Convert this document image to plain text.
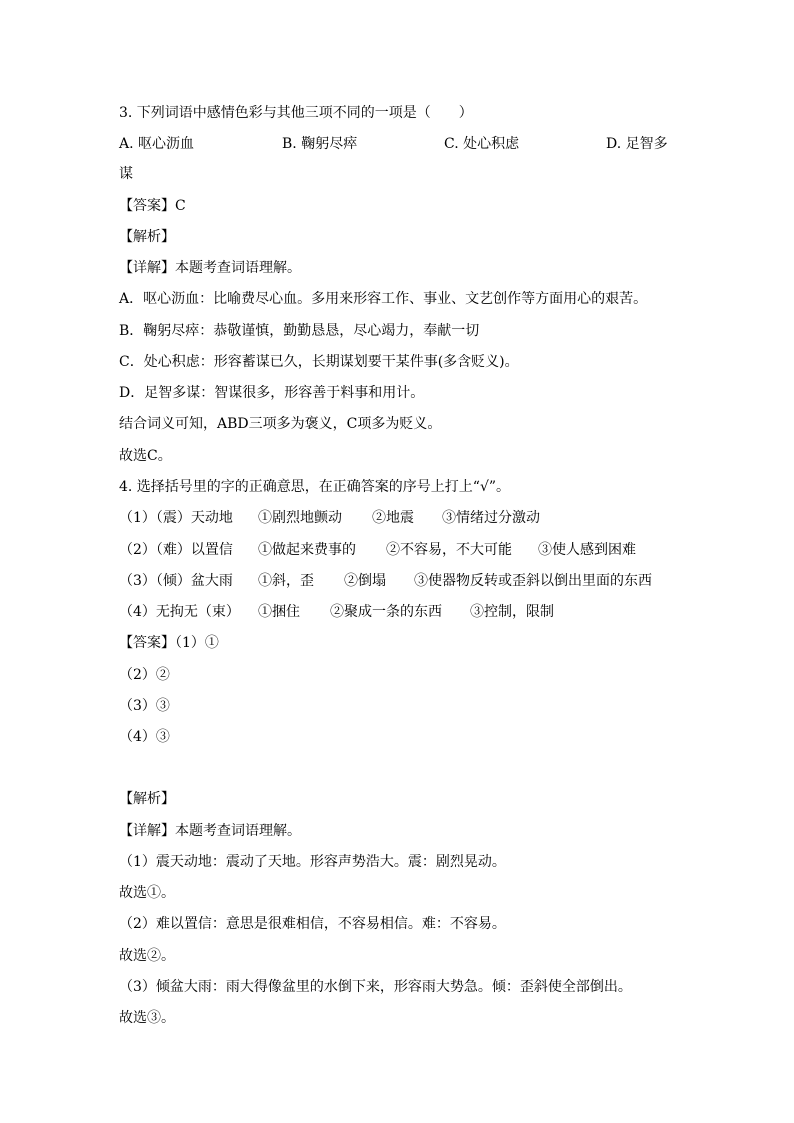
3. 下列词语中感情色彩与其他三项不同的一项是（　　）
A. 呕心沥血	B. 鞠躬尽瘁	C. 处心积虑	D. 足智多
谋
【答案】C
【解析】
【详解】本题考查词语理解。
A．呕心沥血：比喻费尽心血。多用来形容工作、事业、文艺创作等方面用心的艰苦。
B．鞠躬尽瘁：恭敬谨慎，勤勤恳恳，尽心竭力，奉献一切
C．处心积虑：形容蓄谋已久，长期谋划要干某件事(多含贬义)。
D．足智多谋：智谋很多，形容善于料事和用计。
结合词义可知，ABD三项多为褒义，C项多为贬义。
故选C。
4. 选择括号里的字的正确意思，在正确答案的序号上打上“√”。
（1）（震）天动地 ①剧烈地颤动 ②地震 ③情绪过分激动
（2）（难）以置信 ①做起来费事的 ②不容易，不大可能 ③使人感到困难
（3）（倾）盆大雨 ①斜，歪 ②倒塌 ③使器物反转或歪斜以倒出里面的东西
（4）无拘无（束） ①捆住 ②聚成一条的东西 ③控制，限制
【答案】（1）①
（2）②
（3）③
（4）③
【解析】
【详解】本题考查词语理解。
（1）震天动地：震动了天地。形容声势浩大。震：剧烈晃动。
故选①。
（2）难以置信：意思是很难相信，不容易相信。难：不容易。
故选②。
（3）倾盆大雨：雨大得像盆里的水倒下来，形容雨大势急。倾：歪斜使全部倒出。
故选③。
